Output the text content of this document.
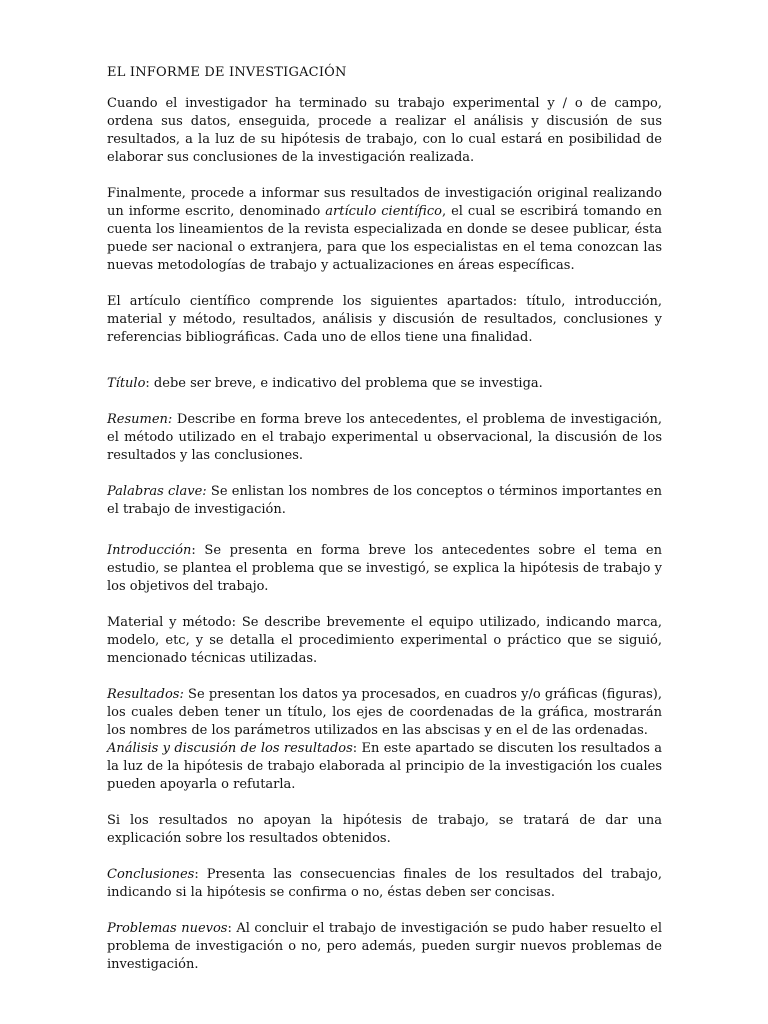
EL INFORME DE INVESTIGACIÓN

Cuando el investigador ha terminado su trabajo experimental y / o de campo, ordena sus datos, enseguida, procede a realizar el análisis y discusión de sus resultados, a la luz de su hipótesis de trabajo, con lo cual estará en posibilidad de elaborar sus conclusiones de la investigación realizada.

Finalmente, procede a informar sus resultados de investigación original realizando un informe escrito, denominado artículo científico, el cual se escribirá tomando en cuenta los lineamientos de la revista especializada en donde se desee publicar, ésta puede ser nacional o extranjera, para que los especialistas en el tema conozcan las nuevas metodologías de trabajo y actualizaciones en áreas específicas.

El artículo científico comprende los siguientes apartados: título, introducción, material y método, resultados, análisis y discusión de resultados, conclusiones y referencias bibliográficas. Cada uno de ellos tiene una finalidad.

Título: debe ser breve, e indicativo del problema que se investiga.

Resumen: Describe en forma breve los antecedentes, el problema de investigación, el método utilizado en el trabajo experimental u observacional, la discusión de los resultados y las conclusiones.

Palabras clave: Se enlistan los nombres de los conceptos o términos importantes en el trabajo de investigación.

Introducción: Se presenta en forma breve los antecedentes sobre el tema en estudio, se plantea el problema que se investigó, se explica la hipótesis de trabajo y los objetivos del trabajo.

Material y método: Se describe brevemente el equipo utilizado, indicando marca, modelo, etc, y se detalla el procedimiento experimental o práctico que se siguió, mencionado técnicas utilizadas.

Resultados: Se presentan los datos ya procesados, en cuadros y/o gráficas (figuras), los cuales deben tener un título, los ejes de coordenadas de la gráfica, mostrarán los nombres de los parámetros utilizados en las abscisas y en el de las ordenadas.

Análisis y discusión de los resultados: En este apartado se discuten los resultados a la luz de la hipótesis de trabajo elaborada al principio de la investigación los cuales pueden apoyarla o refutarla.

Si los resultados no apoyan la hipótesis de trabajo, se tratará de dar una explicación sobre los resultados obtenidos.

Conclusiones: Presenta las consecuencias finales de los resultados del trabajo, indicando si la hipótesis se confirma o no, éstas deben ser concisas.

Problemas nuevos: Al concluir el trabajo de investigación se pudo haber resuelto el problema de investigación o no, pero además, pueden surgir nuevos problemas de investigación.
